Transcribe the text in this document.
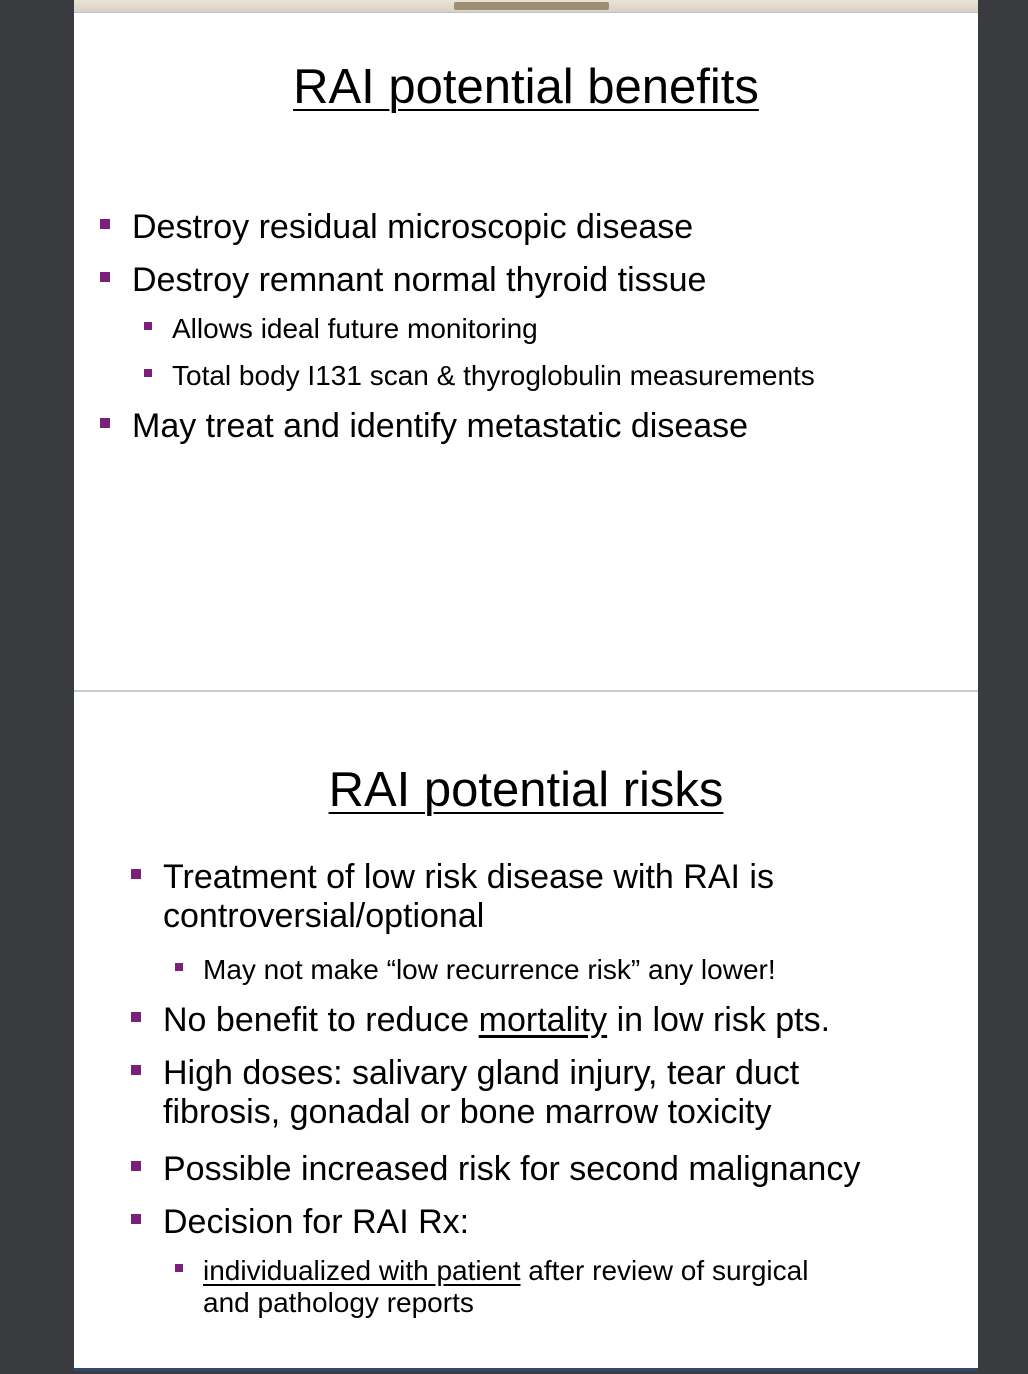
RAI potential benefits
Destroy residual microscopic disease
Destroy remnant normal thyroid tissue
Allows ideal future monitoring
Total body I131 scan & thyroglobulin measurements
May treat and identify metastatic disease
RAI potential risks
Treatment of low risk disease with RAI is
controversial/optional
May not make “low recurrence risk” any lower!
No benefit to reduce mortality in low risk pts.
High doses: salivary gland injury, tear duct
fibrosis, gonadal or bone marrow toxicity
Possible increased risk for second malignancy
Decision for RAI Rx:
individualized with patient after review of surgical
and pathology reports
